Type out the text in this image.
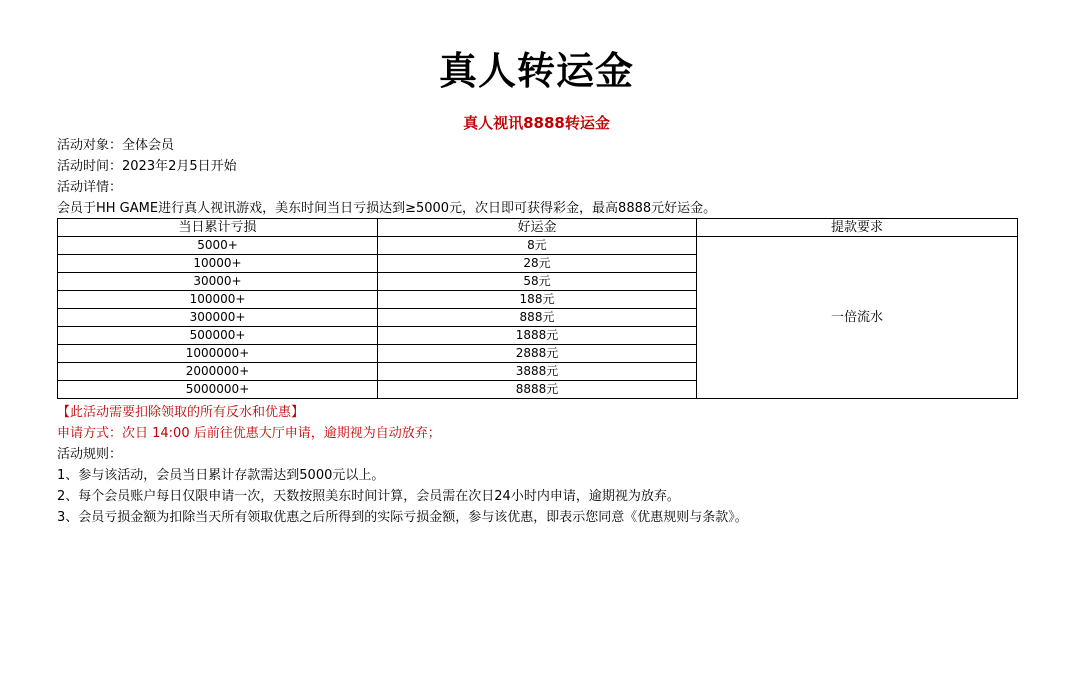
真人转运金
真人视讯8888转运金
活动对象：全体会员
活动时间：2023年2月5日开始
活动详情：
会员于HH GAME进行真人视讯游戏，美东时间当日亏损达到≥5000元，次日即可获得彩金，最高8888元好运金。
当日累计亏损	好运金	提款要求
5000+	8元	一倍流水
10000+	28元	
30000+	58元	
100000+	188元	
300000+	888元	
500000+	1888元	
1000000+	2888元	
2000000+	3888元	
5000000+	8888元	
【此活动需要扣除领取的所有反水和优惠】
申请方式：次日 14:00 后前往优惠大厅申请，逾期视为自动放弃；
活动规则：
1、参与该活动，会员当日累计存款需达到5000元以上。
2、每个会员账户每日仅限申请一次，天数按照美东时间计算，会员需在次日24小时内申请，逾期视为放弃。
3、会员亏损金额为扣除当天所有领取优惠之后所得到的实际亏损金额，参与该优惠，即表示您同意《优惠规则与条款》。
